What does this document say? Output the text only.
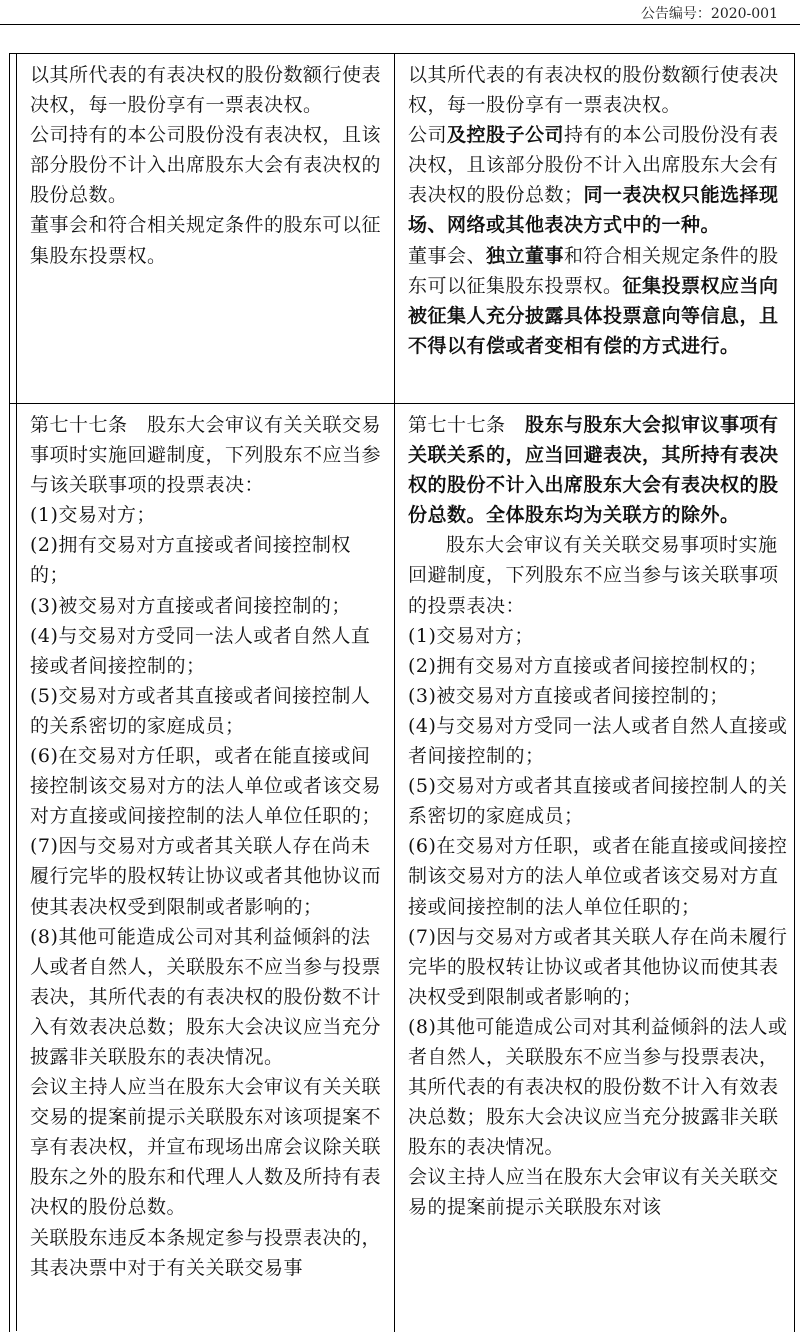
公告编号：2020-001

以其所代表的有表决权的股份数额行使表决权，每一股份享有一票表决权。

公司持有的本公司股份没有表决权，且该部分股份不计入出席股东大会有表决权的股份总数。

董事会和符合相关规定条件的股东可以征集股东投票权。

以其所代表的有表决权的股份数额行使表决权，每一股份享有一票表决权。

公司及控股子公司持有的本公司股份没有表决权，且该部分股份不计入出席股东大会有表决权的股份总数；同一表决权只能选择现场、网络或其他表决方式中的一种。

董事会、独立董事和符合相关规定条件的股东可以征集股东投票权。征集投票权应当向被征集人充分披露具体投票意向等信息，且不得以有偿或者变相有偿的方式进行。

第七十七条　股东大会审议有关关联交易事项时实施回避制度，下列股东不应当参与该关联事项的投票表决：

(1)交易对方；

(2)拥有交易对方直接或者间接控制权的；

(3)被交易对方直接或者间接控制的；

(4)与交易对方受同一法人或者自然人直接或者间接控制的；

(5)交易对方或者其直接或者间接控制人的关系密切的家庭成员；

(6)在交易对方任职，或者在能直接或间接控制该交易对方的法人单位或者该交易对方直接或间接控制的法人单位任职的；

(7)因与交易对方或者其关联人存在尚未履行完毕的股权转让协议或者其他协议而使其表决权受到限制或者影响的；

(8)其他可能造成公司对其利益倾斜的法人或者自然人，关联股东不应当参与投票表决，其所代表的有表决权的股份数不计入有效表决总数；股东大会决议应当充分披露非关联股东的表决情况。

会议主持人应当在股东大会审议有关关联交易的提案前提示关联股东对该项提案不享有表决权，并宣布现场出席会议除关联股东之外的股东和代理人人数及所持有表决权的股份总数。

关联股东违反本条规定参与投票表决的，其表决票中对于有关关联交易事

第七十七条　股东与股东大会拟审议事项有关联关系的，应当回避表决，其所持有表决权的股份不计入出席股东大会有表决权的股份总数。全体股东均为关联方的除外。

股东大会审议有关关联交易事项时实施回避制度，下列股东不应当参与该关联事项的投票表决：

(1)交易对方；

(2)拥有交易对方直接或者间接控制权的；

(3)被交易对方直接或者间接控制的；

(4)与交易对方受同一法人或者自然人直接或者间接控制的；

(5)交易对方或者其直接或者间接控制人的关系密切的家庭成员；

(6)在交易对方任职，或者在能直接或间接控制该交易对方的法人单位或者该交易对方直接或间接控制的法人单位任职的；

(7)因与交易对方或者其关联人存在尚未履行完毕的股权转让协议或者其他协议而使其表决权受到限制或者影响的；

(8)其他可能造成公司对其利益倾斜的法人或者自然人，关联股东不应当参与投票表决，其所代表的有表决权的股份数不计入有效表决总数；股东大会决议应当充分披露非关联股东的表决情况。

会议主持人应当在股东大会审议有关关联交易的提案前提示关联股东对该
